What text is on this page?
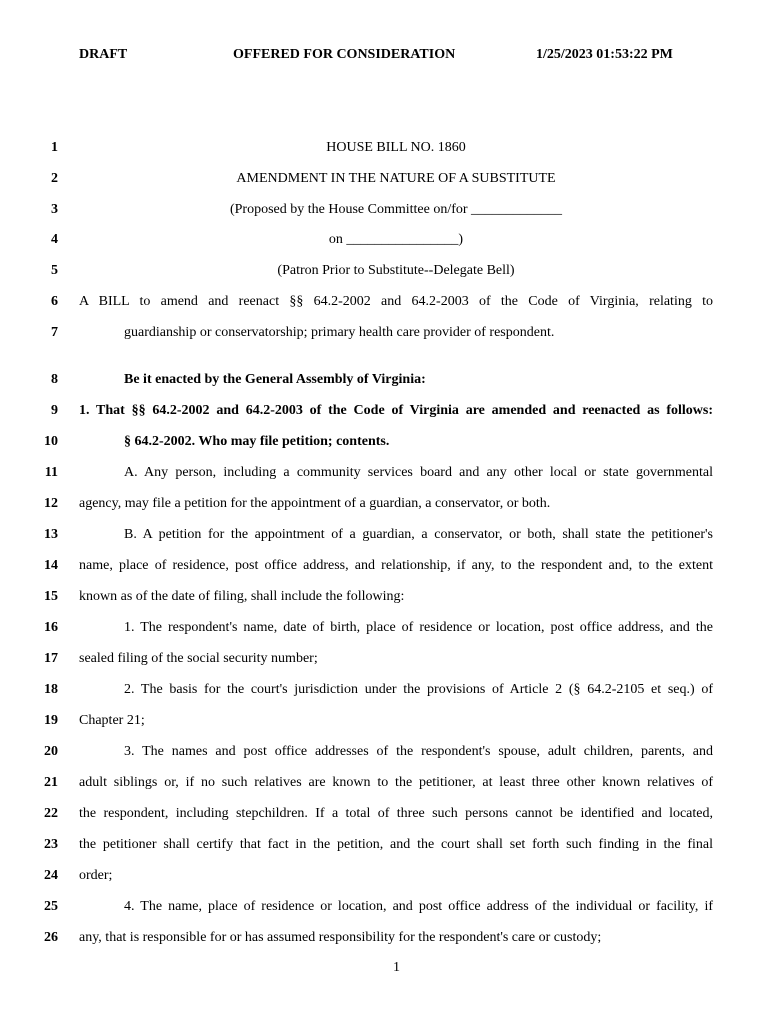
DRAFT	OFFERED FOR CONSIDERATION	1/25/2023 01:53:22 PM
1	HOUSE BILL NO. 1860
2	AMENDMENT IN THE NATURE OF A SUBSTITUTE
3	(Proposed by the House Committee on/for _____________
4	on ________________)
5	(Patron Prior to Substitute--Delegate Bell)
6 A BILL to amend and reenact §§ 64.2-2002 and 64.2-2003 of the Code of Virginia, relating to
7	guardianship or conservatorship; primary health care provider of respondent.
8	Be it enacted by the General Assembly of Virginia:
9 1. That §§ 64.2-2002 and 64.2-2003 of the Code of Virginia are amended and reenacted as follows:
10	§ 64.2-2002. Who may file petition; contents.
11	A. Any person, including a community services board and any other local or state governmental
12 agency, may file a petition for the appointment of a guardian, a conservator, or both.
13	B. A petition for the appointment of a guardian, a conservator, or both, shall state the petitioner's
14 name, place of residence, post office address, and relationship, if any, to the respondent and, to the extent
15 known as of the date of filing, shall include the following:
16	1. The respondent's name, date of birth, place of residence or location, post office address, and the
17 sealed filing of the social security number;
18	2. The basis for the court's jurisdiction under the provisions of Article 2 (§ 64.2-2105 et seq.) of
19 Chapter 21;
20	3. The names and post office addresses of the respondent's spouse, adult children, parents, and
21 adult siblings or, if no such relatives are known to the petitioner, at least three other known relatives of
22 the respondent, including stepchildren. If a total of three such persons cannot be identified and located,
23 the petitioner shall certify that fact in the petition, and the court shall set forth such finding in the final
24 order;
25	4. The name, place of residence or location, and post office address of the individual or facility, if
26 any, that is responsible for or has assumed responsibility for the respondent's care or custody;
1
